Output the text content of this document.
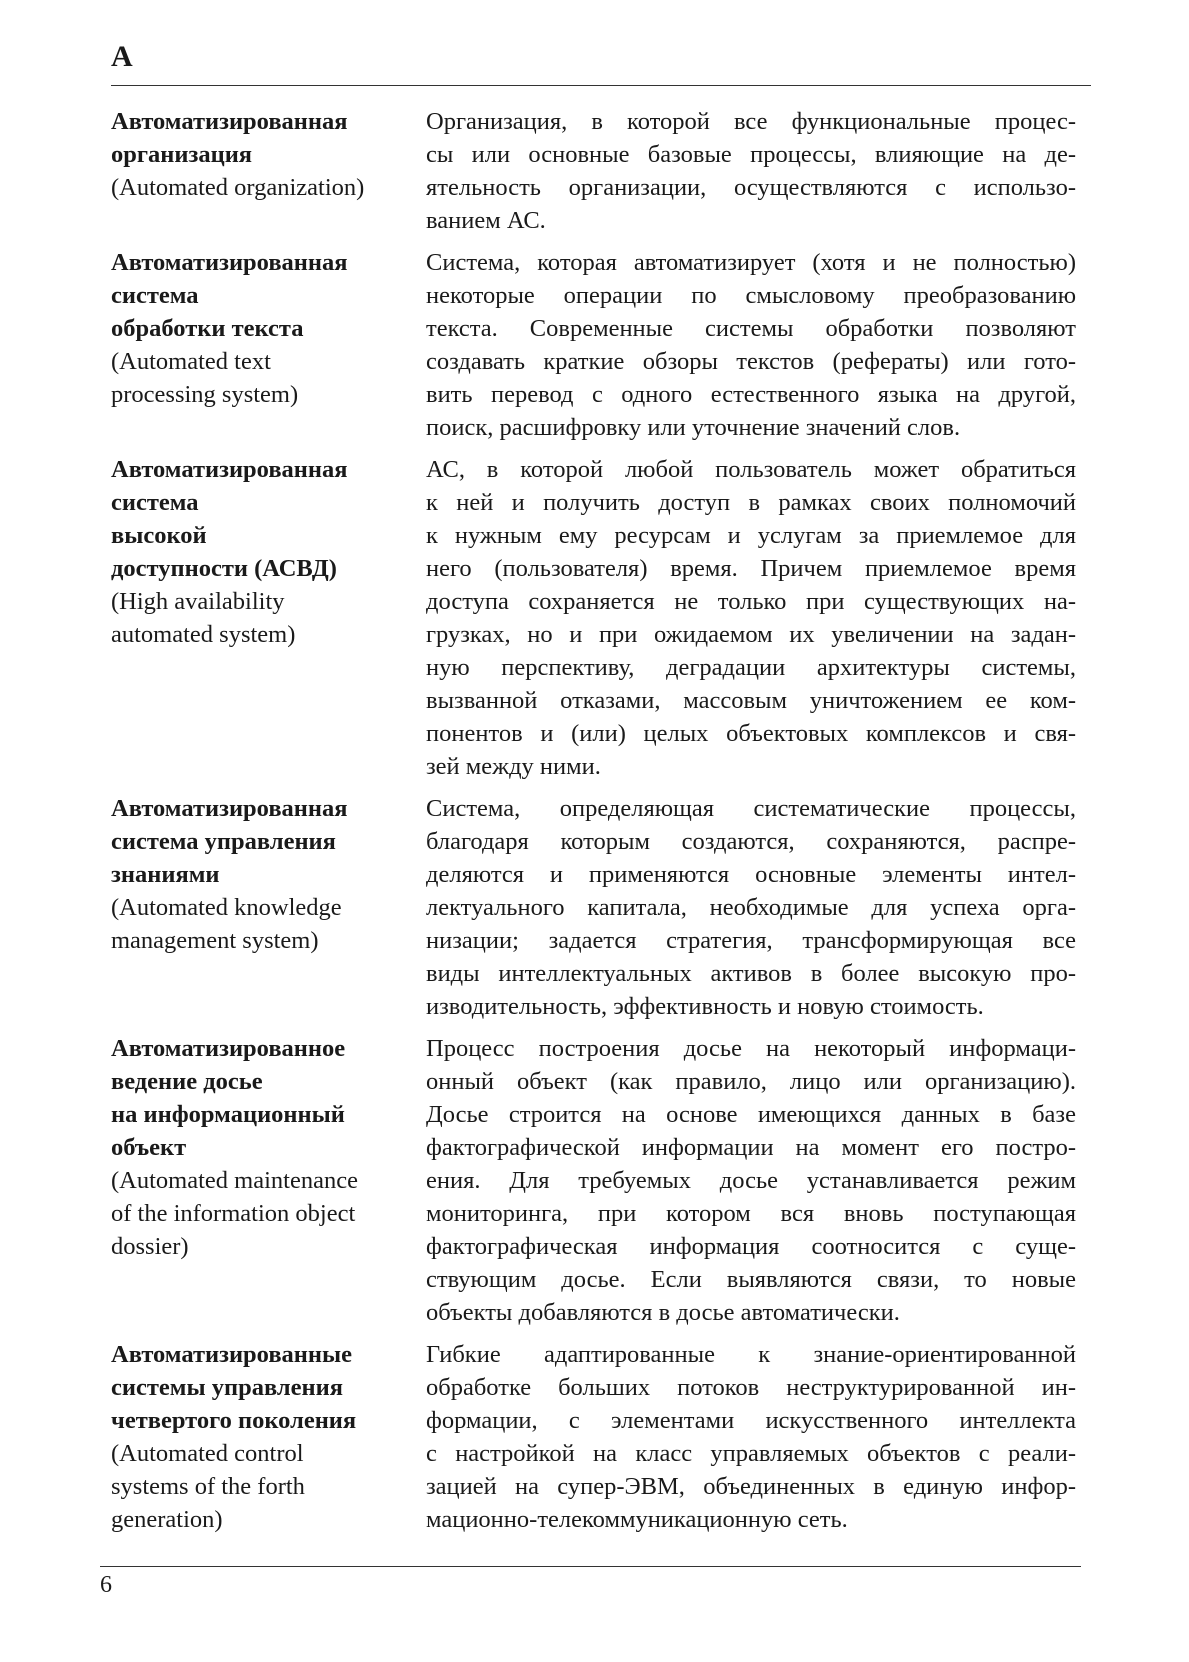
А
Автоматизированная
организация
(Automated organization)
Организация, в которой все функциональные процес-
сы или основные базовые процессы, влияющие на де-
ятельность организации, осуществляются с использо-
ванием АС.
Автоматизированная
система
обработки текста
(Automated text
processing system)
Система, которая автоматизирует (хотя и не полностью)
некоторые операции по смысловому преобразованию
текста. Современные системы обработки позволяют
создавать краткие обзоры текстов (рефераты) или гото-
вить перевод с одного естественного языка на другой,
поиск, расшифровку или уточнение значений слов.
Автоматизированная
система
высокой
доступности (АСВД)
(High availability
automated system)
АС, в которой любой пользователь может обратиться
к ней и получить доступ в рамках своих полномочий
к нужным ему ресурсам и услугам за приемлемое для
него (пользователя) время. Причем приемлемое время
доступа сохраняется не только при существующих на-
грузках, но и при ожидаемом их увеличении на задан-
ную перспективу, деградации архитектуры системы,
вызванной отказами, массовым уничтожением ее ком-
понентов и (или) целых объектовых комплексов и свя-
зей между ними.
Автоматизированная
система управления
знаниями
(Automated knowledge
management system)
Система, определяющая систематические процессы,
благодаря которым создаются, сохраняются, распре-
деляются и применяются основные элементы интел-
лектуального капитала, необходимые для успеха орга-
низации; задается стратегия, трансформирующая все
виды интеллектуальных активов в более высокую про-
изводительность, эффективность и новую стоимость.
Автоматизированное
ведение досье
на информационный
объект
(Automated maintenance
of the information object
dossier)
Процесс построения досье на некоторый информаци-
онный объект (как правило, лицо или организацию).
Досье строится на основе имеющихся данных в базе
фактографической информации на момент его постро-
ения. Для требуемых досье устанавливается режим
мониторинга, при котором вся вновь поступающая
фактографическая информация соотносится с суще-
ствующим досье. Если выявляются связи, то новые
объекты добавляются в досье автоматически.
Автоматизированные
системы управления
четвертого поколения
(Automated control
systems of the forth
generation)
Гибкие адаптированные к знание-ориентированной
обработке больших потоков неструктурированной ин-
формации, с элементами искусственного интеллекта
с настройкой на класс управляемых объектов с реали-
зацией на супер-ЭВМ, объединенных в единую инфор-
мационно-телекоммуникационную сеть.
6
